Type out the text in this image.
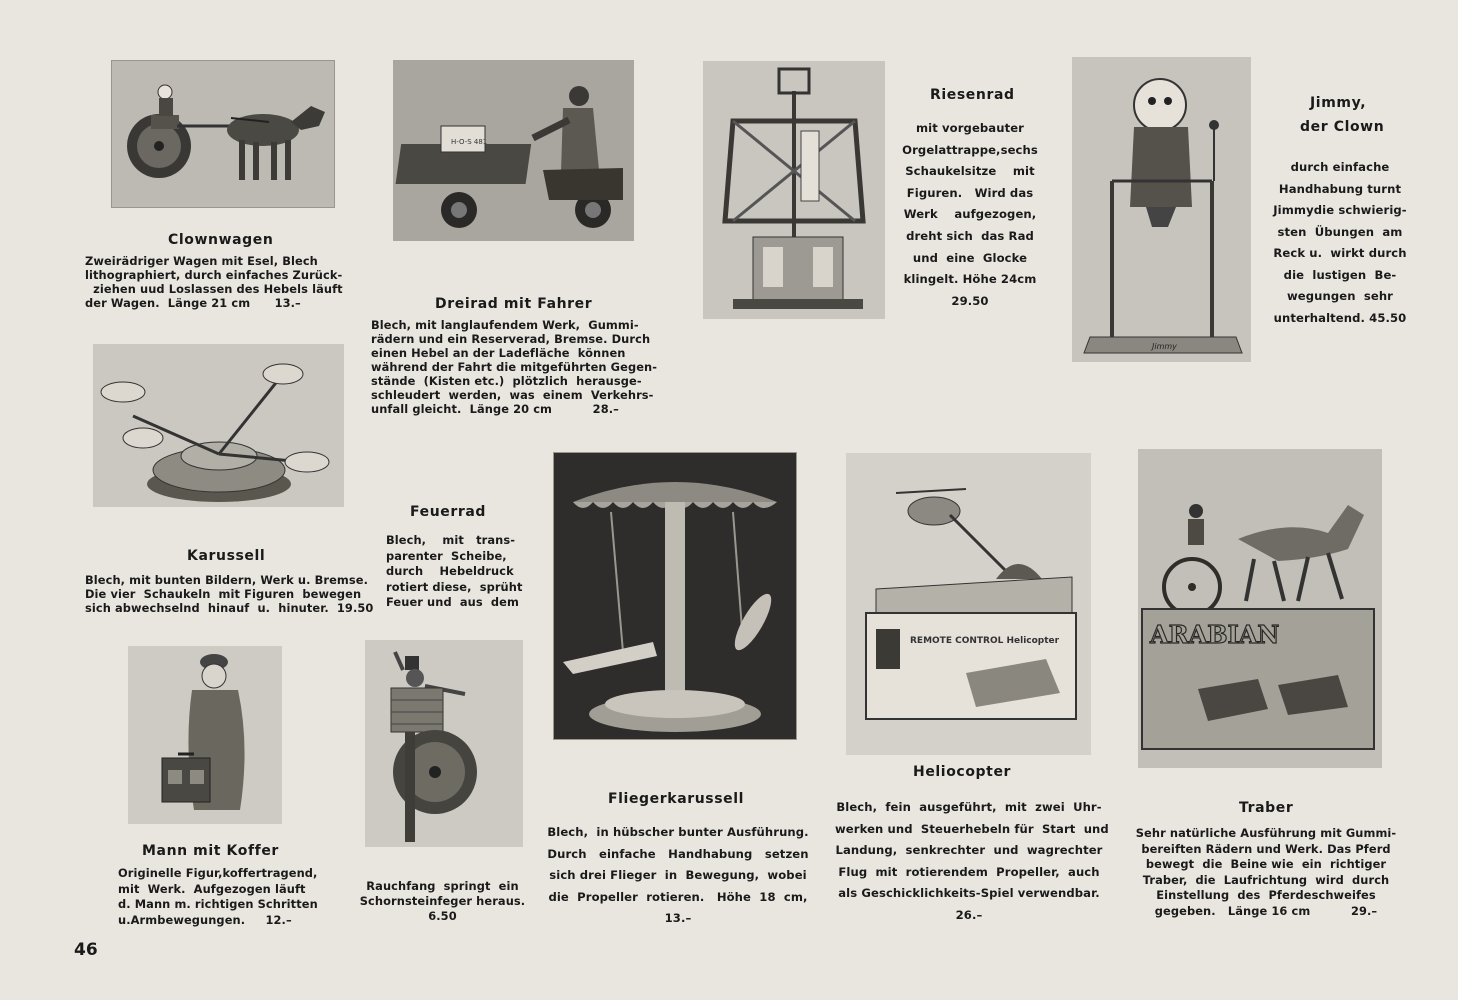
H-O-S 481
Jimmy
REMOTE CONTROL Helicopter	ARABIAN
Clownwagen
Zweirädriger Wagen mit Esel, Blech
lithographiert, durch einfaches Zurück-
ziehen uud Loslassen des Hebels läuft
der Wagen.  Länge 21 cm      13.–	Dreirad mit Fahrer
Blech, mit langlaufendem Werk,  Gummi-
rädern und ein Reserverad, Bremse. Durch
einen Hebel an der Ladefläche  können
während der Fahrt die mitgeführten Gegen-
stände  (Kisten etc.)  plötzlich  herausge-
schleudert  werden,  was  einem  Verkehrs-
unfall gleicht.  Länge 20 cm          28.–
Riesenrad
mit vorgebauter
Orgelattrappe,sechs
Schaukelsitze    mit
Figuren.   Wird das
Werk    aufgezogen,
dreht sich  das Rad
und  eine  Glocke
klingelt. Höhe 24cm
29.50
Jimmy,
der Clown
durch einfache
Handhabung turnt
Jimmydie schwierig-
sten  Übungen  am
Reck u.  wirkt durch
die  lustigen  Be-
wegungen  sehr
unterhaltend. 45.50
Karussell
Blech, mit bunten Bildern, Werk u. Bremse.
Die vier  Schaukeln  mit Figuren  bewegen
sich abwechselnd  hinauf  u.  hinuter.  19.50
Feuerrad
Blech,    mit   trans-
parenter  Scheibe,
durch    Hebeldruck
rotiert diese,  sprüht
Feuer und  aus  dem
Mann mit Koffer
Originelle Figur,koffertragend,
mit  Werk.  Aufgezogen läuft
d. Mann m. richtigen Schritten
u.Armbewegungen.     12.–
Rauchfang  springt  ein
Schornsteinfeger heraus.
6.50
Fliegerkarussell
Blech,  in hübscher bunter Ausführung.
Durch   einfache   Handhabung   setzen
sich drei Flieger  in  Bewegung,  wobei
die  Propeller  rotieren.   Höhe  18  cm,
13.–
Heliocopter
Blech,  fein  ausgeführt,  mit  zwei  Uhr-
werken und  Steuerhebeln für  Start  und
Landung,  senkrechter  und  wagrechter
Flug  mit  rotierendem  Propeller,  auch
als Geschicklichkeits-Spiel verwendbar.
26.–
Traber
Sehr natürliche Ausführung mit Gummi-
bereiften Rädern und Werk. Das Pferd
bewegt  die  Beine wie  ein  richtiger
Traber,  die  Laufrichtung  wird  durch
Einstellung  des  Pferdeschweifes
gegeben.   Länge 16 cm          29.–
46
